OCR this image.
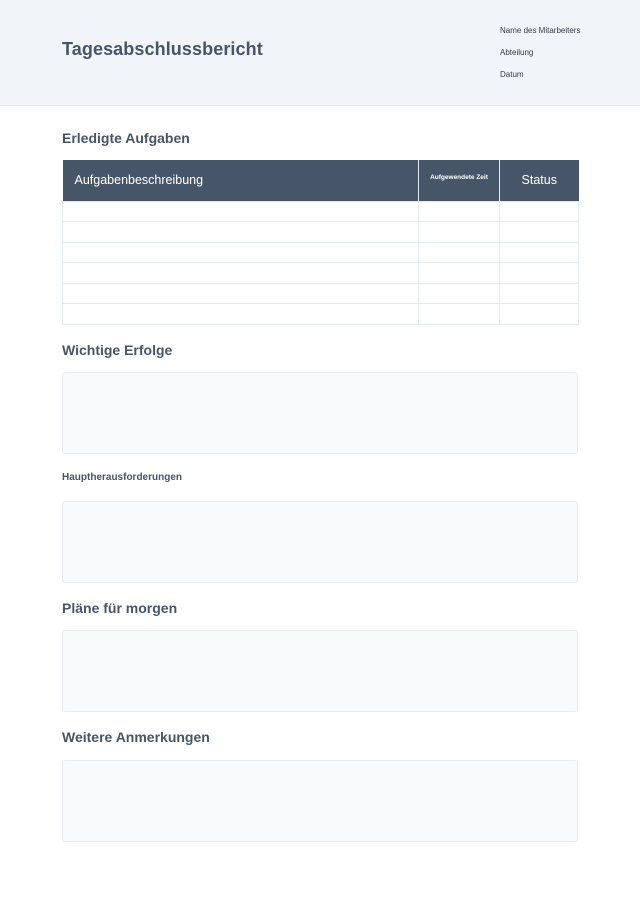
Tagesabschlussbericht
Name des Mitarbeiters
Abteilung
Datum
Erledigte Aufgaben
Aufgabenbeschreibung	Aufgewendete Zeit	Status

Wichtige Erfolge
Hauptherausforderungen
Pläne für morgen
Weitere Anmerkungen
